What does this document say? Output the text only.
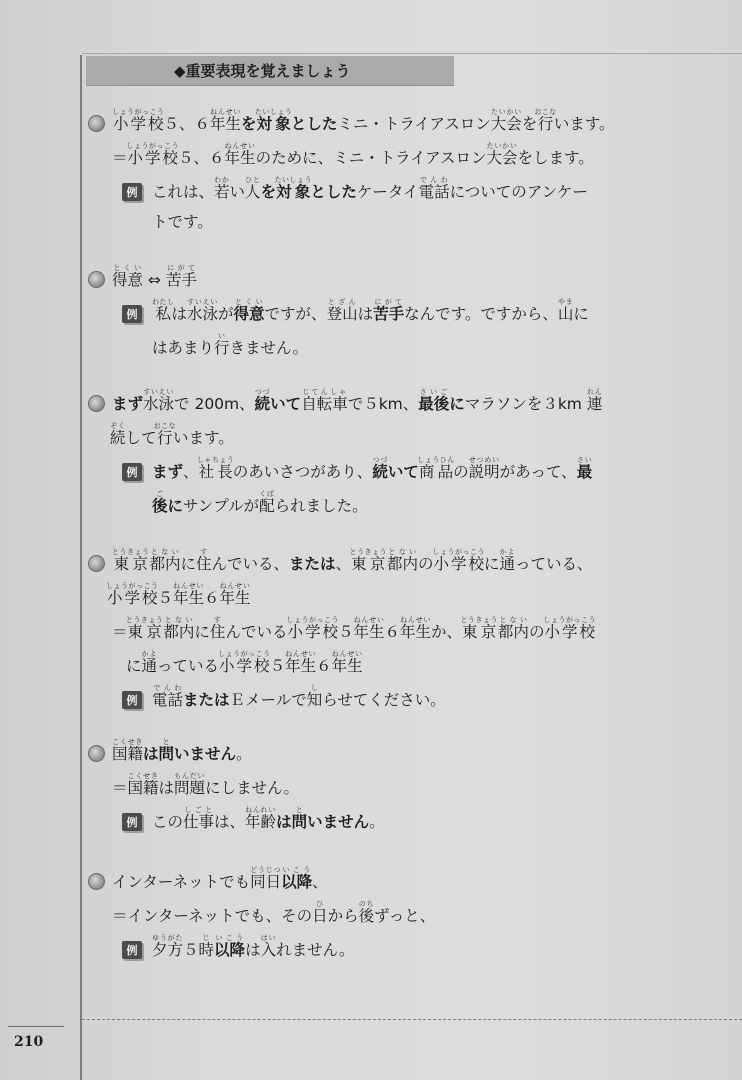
◆重要表現を覚えましょう
小学校しょうがっこう５、６年生ねんせいを対象たいしょうとしたミニ・トライアスロン大会たいかいを行おこないます。
＝小学校しょうがっこう５、６年生ねんせいのために、ミニ・トライアスロン大会たいかいをします。
例 これは、若わかい人ひとを対象たいしょうとしたケータイ電話でんわについてのアンケー
トです。
得意とくい ⇔ 苦手にがて
例 私わたしは水泳すいえいが得意とくいですが、登山とざんは苦手にがてなんです。ですから、山やまに
はあまり行いきません。
まず水泳すいえいで 200m、続つづいて自転車じてんしゃで５km、最後さいごにマラソンを３km 連れん
続ぞくして行おこないます。
例 まず、社長しゃちょうのあいさつがあり、続つづいて商品しょうひんの説明せつめいがあって、最さい
後ごにサンプルが配くばられました。
東京とうきょう都内とないに住すんでいる、または、東京とうきょう都内とないの小学校しょうがっこうに通かよっている、
小学校しょうがっこう５年生ねんせい６年生ねんせい
＝東京とうきょう都内とないに住すんでいる小学校しょうがっこう５年生ねんせい６年生ねんせいか、東京とうきょう都内とないの小学校しょうがっこう
に通かよっている小学校しょうがっこう５年生ねんせい６年生ねんせい
例 電話でんわまたはＥメールで知しらせてください。
国籍こくせきは問といません。
＝国籍こくせきは問題もんだいにしません。
例 この仕事しごとは、年齢ねんれいは問といません。
インターネットでも同日どうじつ以降いこう、
＝インターネットでも、その日ひから後のちずっと、
例 夕方ゆうがた５時じ以降いこうは入はいれません。
210
